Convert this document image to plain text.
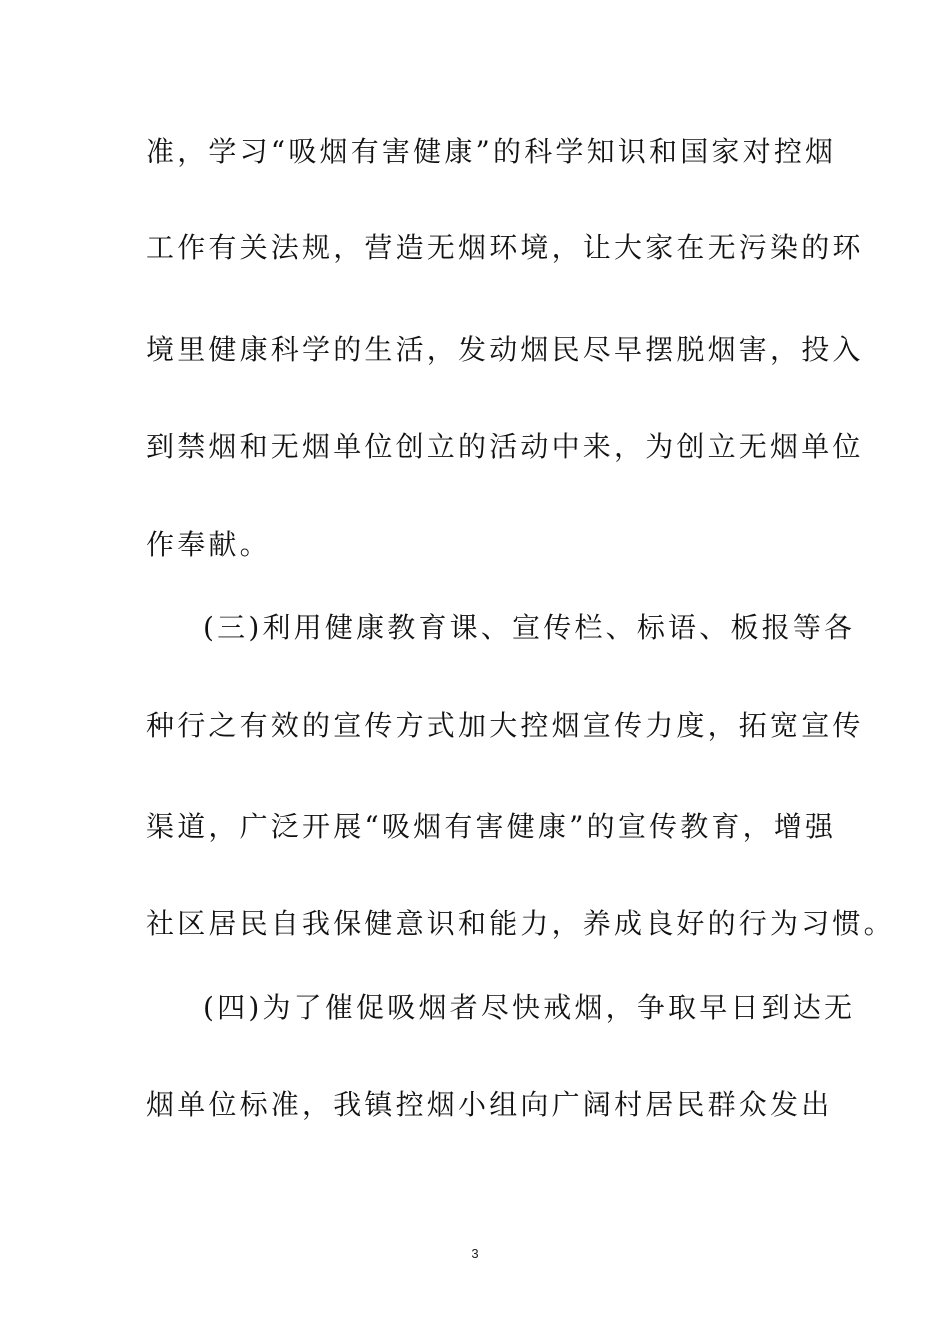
准，学习“吸烟有害健康”的科学知识和国家对控烟
工作有关法规，营造无烟环境，让大家在无污染的环
境里健康科学的生活，发动烟民尽早摆脱烟害，投入
到禁烟和无烟单位创立的活动中来，为创立无烟单位
作奉献。
(三)利用健康教育课、宣传栏、标语、板报等各
种行之有效的宣传方式加大控烟宣传力度，拓宽宣传
渠道，广泛开展“吸烟有害健康”的宣传教育，增强
社区居民自我保健意识和能力，养成良好的行为习惯。
(四)为了催促吸烟者尽快戒烟，争取早日到达无
烟单位标准，我镇控烟小组向广阔村居民群众发出
3
